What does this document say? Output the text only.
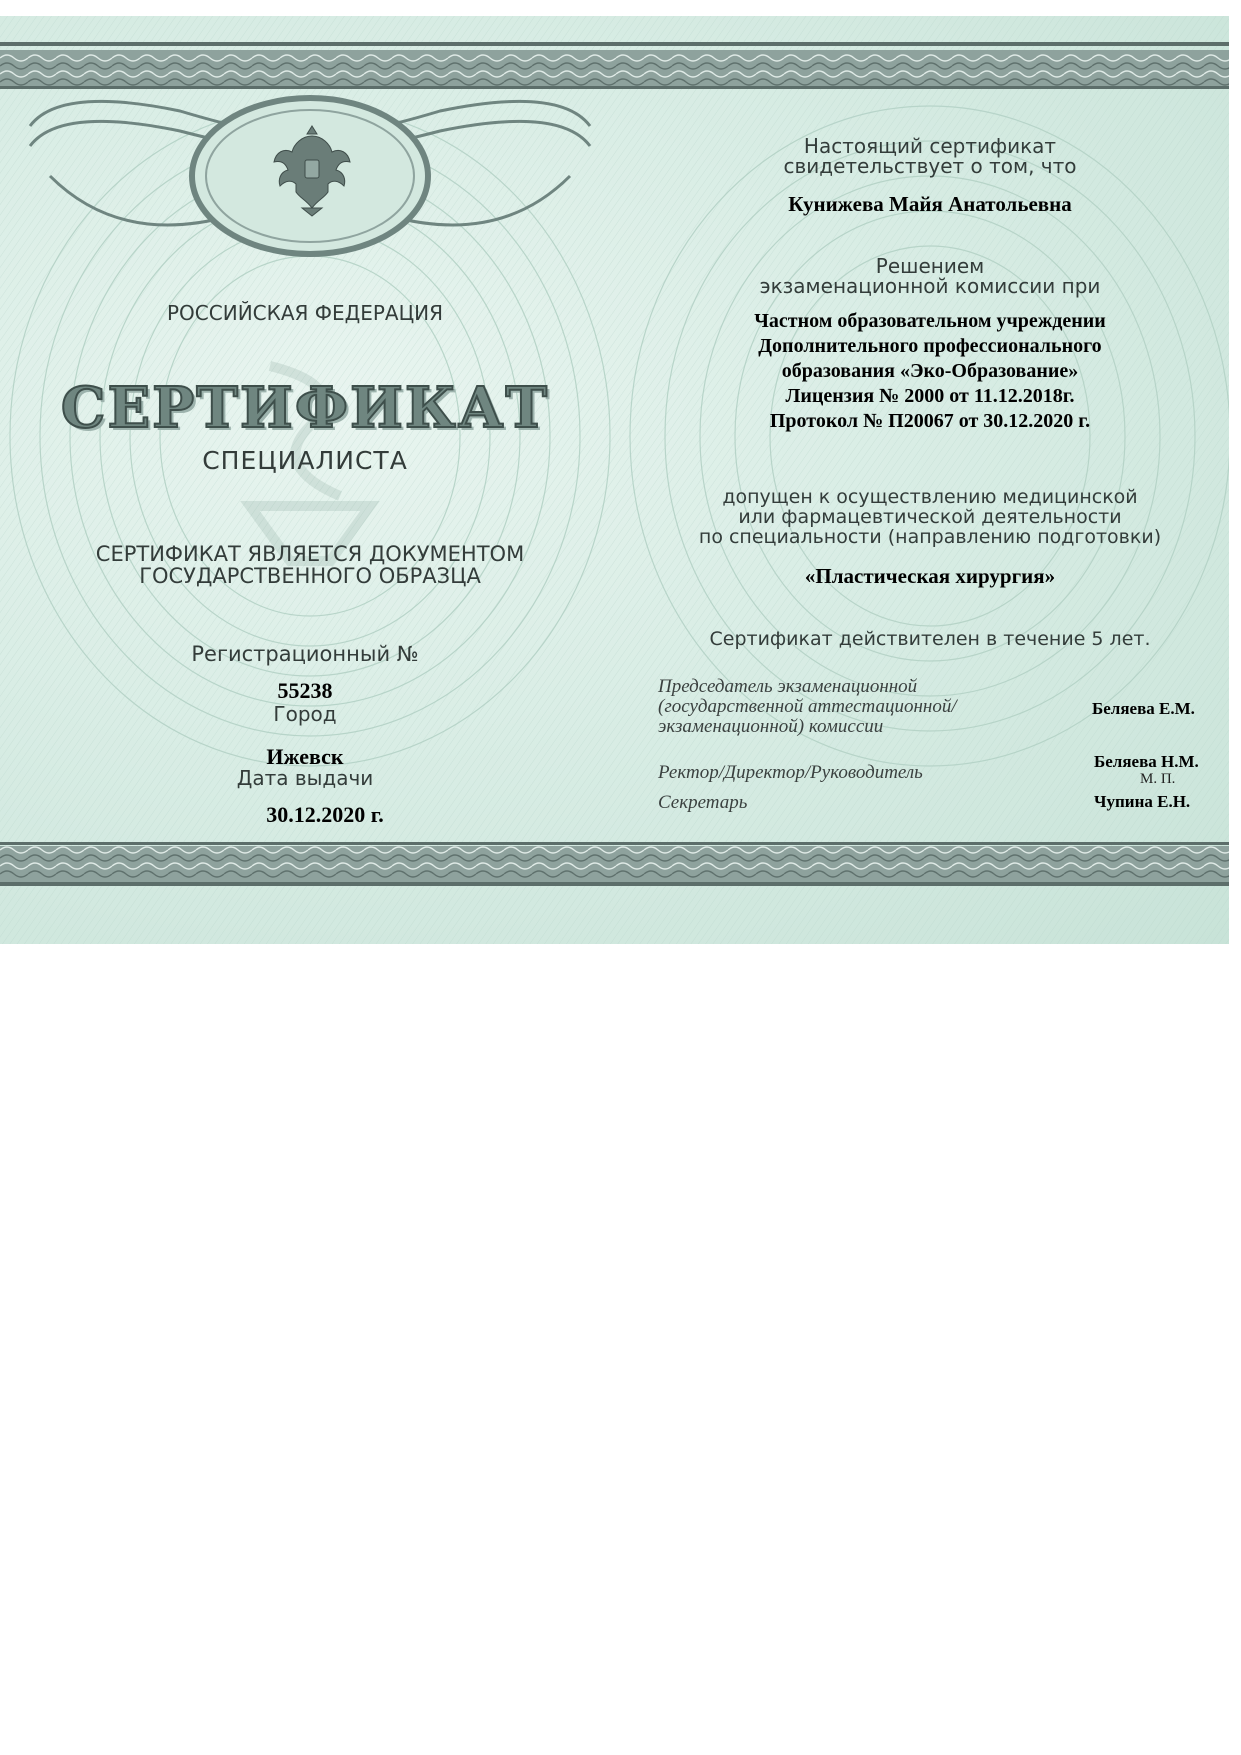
РОССИЙСКАЯ ФЕДЕРАЦИЯ
СЕРТИФИКАТ
СПЕЦИАЛИСТА
СЕРТИФИКАТ ЯВЛЯЕТСЯ ДОКУМЕНТОМ
ГОСУДАРСТВЕННОГО ОБРАЗЦА
Регистрационный №
55238
Город
Ижевск
Дата выдачи
30.12.2020 г.
Настоящий сертификат
свидетельствует о том, что
Кунижева Майя Анатольевна
Решением
экзаменационной комиссии при
Частном образовательном учреждении
Дополнительного профессионального
образования «Эко-Образование»
Лицензия № 2000 от 11.12.2018г.
Протокол № П20067 от 30.12.2020 г.
допущен к осуществлению медицинской
или фармацевтической деятельности
по специальности (направлению подготовки)
«Пластическая хирургия»
Сертификат действителен в течение 5 лет.
Председатель экзаменационной
(государственной аттестационной/
экзаменационной) комиссии
Беляева Е.М.
Ректор/Директор/Руководитель
Беляева Н.М.
М. П.
Секретарь	Чупина Е.Н.
